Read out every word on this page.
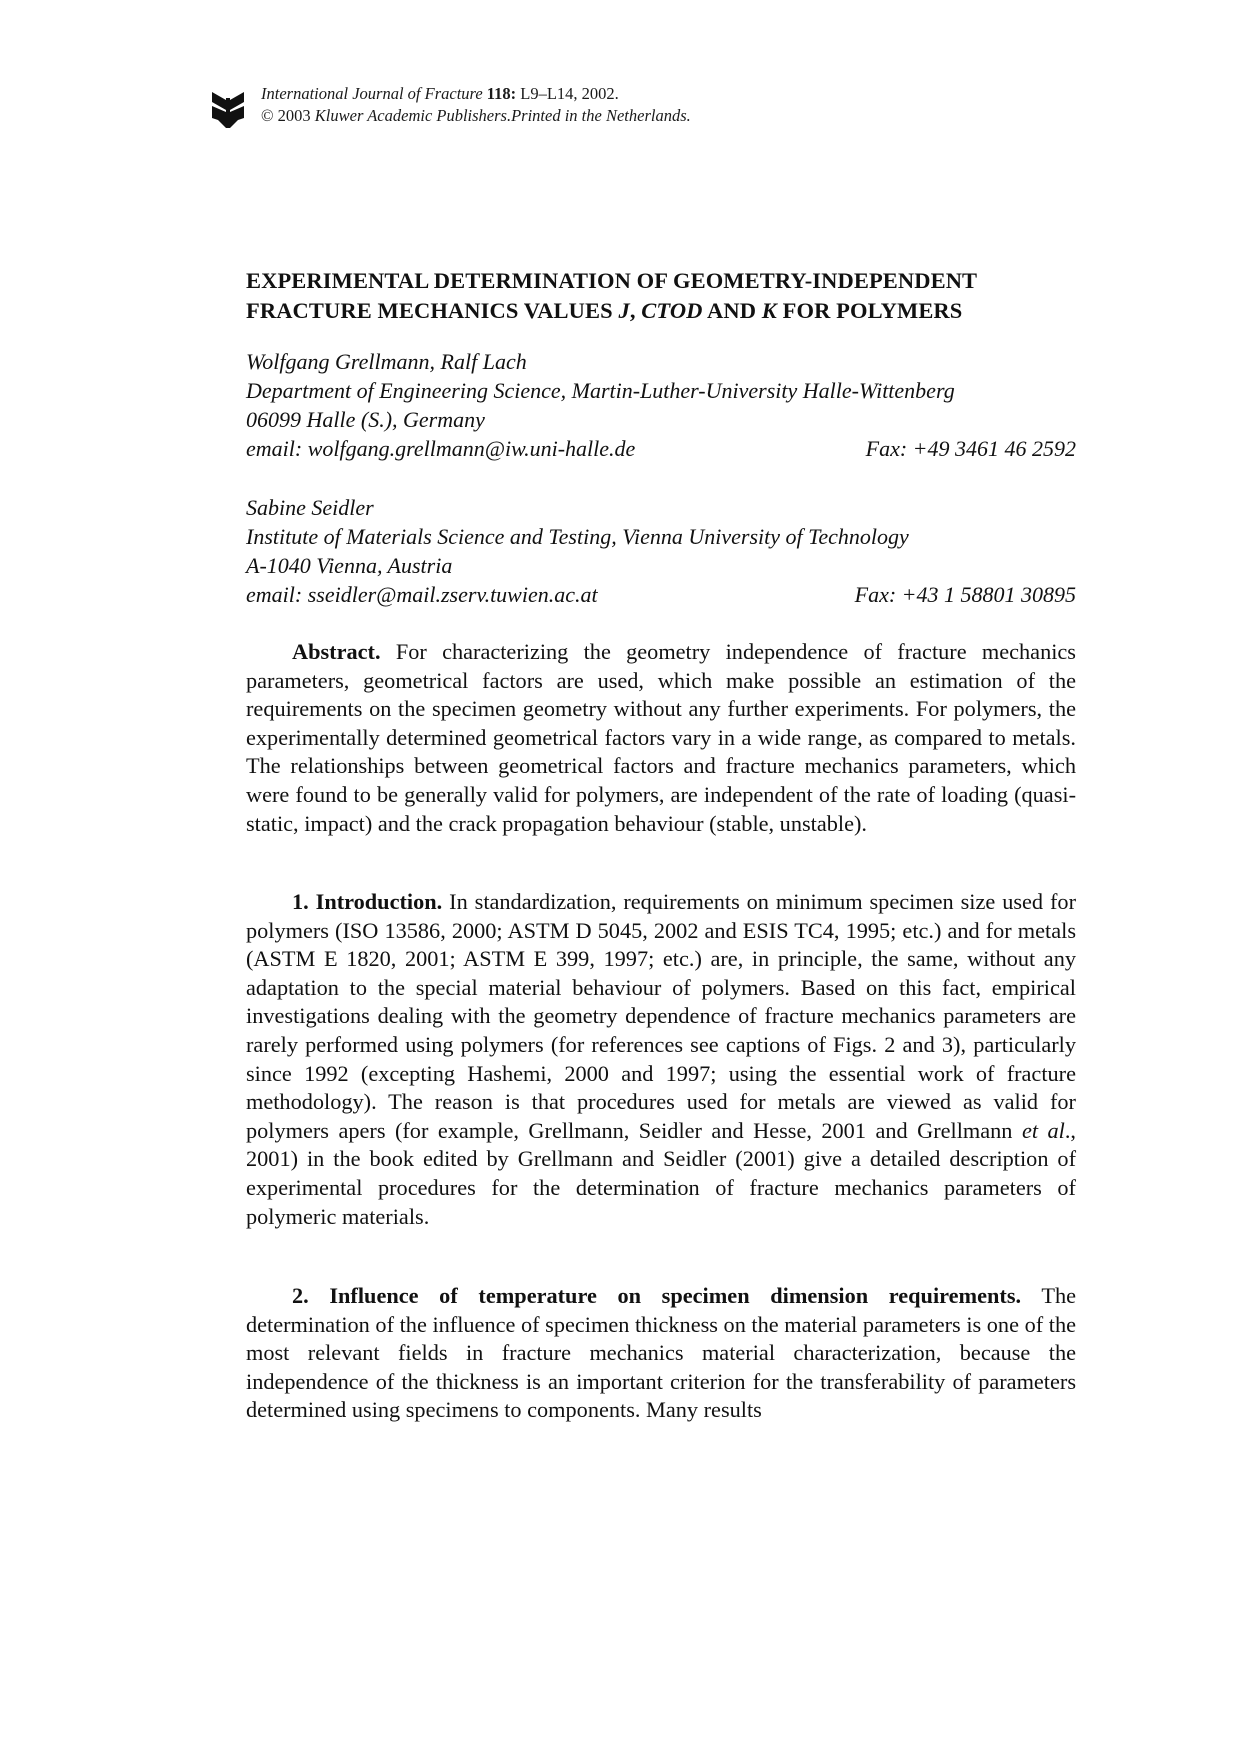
International Journal of Fracture 118: L9–L14, 2002.
© 2003 Kluwer Academic Publishers.Printed in the Netherlands.
EXPERIMENTAL DETERMINATION OF GEOMETRY-INDEPENDENT
FRACTURE MECHANICS VALUES J, CTOD AND K FOR POLYMERS
Wolfgang Grellmann, Ralf Lach
Department of Engineering Science, Martin-Luther-University Halle-Wittenberg
06099 Halle (S.), Germany
email: wolfgang.grellmann@iw.uni-halle.de	Fax: +49 3461 46 2592
Sabine Seidler
Institute of Materials Science and Testing, Vienna University of Technology
A-1040 Vienna, Austria
email: sseidler@mail.zserv.tuwien.ac.at	Fax: +43 1 58801 30895

Abstract. For characterizing the geometry independence of fracture mechanics parameters, geometrical factors are used, which make possible an estimation of the requirements on the specimen geometry without any further experiments. For polymers, the experimentally determined geometrical factors vary in a wide range, as compared to metals. The relationships between geometrical factors and fracture mechanics parameters, which were found to be generally valid for polymers, are independent of the rate of loading (quasi-static, impact) and the crack propagation behaviour (stable, unstable).

1. Introduction. In standardization, requirements on minimum specimen size used for polymers (ISO 13586, 2000; ASTM D 5045, 2002 and ESIS TC4, 1995; etc.) and for metals (ASTM E 1820, 2001; ASTM E 399, 1997; etc.) are, in principle, the same, without any adaptation to the special material behaviour of polymers. Based on this fact, empirical investigations dealing with the geometry dependence of fracture mechanics parameters are rarely performed using polymers (for references see captions of Figs. 2 and 3), particularly since 1992 (excepting Hashemi, 2000 and 1997; using the essential work of fracture methodology). The reason is that procedures used for metals are viewed as valid for polymers apers (for example, Grellmann, Seidler and Hesse, 2001 and Grellmann et al., 2001) in the book edited by Grellmann and Seidler (2001) give a detailed description of experimental procedures for the determination of fracture mechanics parameters of polymeric materials.

2. Influence of temperature on specimen dimension requirements. The determination of the influence of specimen thickness on the material parameters is one of the most relevant fields in fracture mechanics material characterization, because the independence of the thickness is an important criterion for the transferability of parameters determined using specimens to components. Many results
